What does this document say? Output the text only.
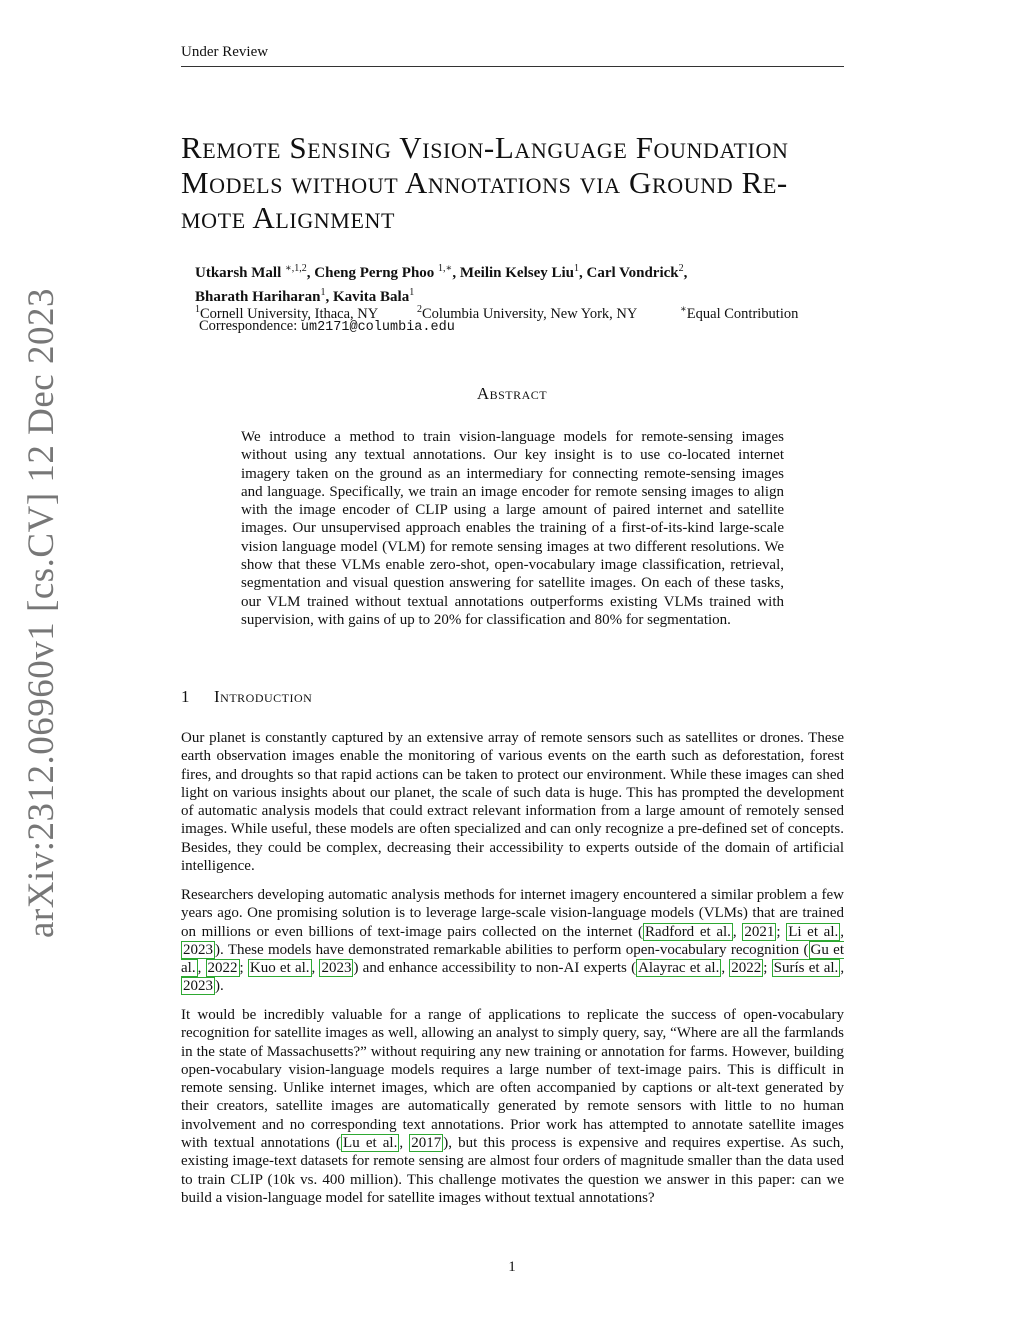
Under Review
arXiv:2312.06960v1 [cs.CV] 12 Dec 2023
Remote Sensing Vision-Language Foundation Models without Annotations via Ground Re-mote Alignment
Utkarsh Mall $^{∗,1,2}$, Cheng Perng Phoo $^{1,∗}$, Meilin Kelsey Liu$^1$, Carl Vondrick$^2$,
Bharath Hariharan$^1$, Kavita Bala$^1$
$^1$Cornell University, Ithaca, NY	$^2$Columbia University, New York, NY	∗Equal Contribution
Correspondence: um2171@columbia.edu
Abstract

We introduce a method to train vision-language models for remote-sensing images without using any textual annotations. Our key insight is to use co-located internet imagery taken on the ground as an intermediary for connecting remote-sensing images and language. Specifically, we train an image encoder for remote sensing images to align with the image encoder of CLIP using a large amount of paired internet and satellite images. Our unsupervised approach enables the training of a first-of-its-kind large-scale vision language model (VLM) for remote sensing images at two different resolutions. We show that these VLMs enable zero-shot, open-vocabulary image classification, retrieval, segmentation and visual question answering for satellite images. On each of these tasks, our VLM trained without textual annotations outperforms existing VLMs trained with supervision, with gains of up to 20% for classification and 80% for segmentation.

1 Introduction

Our planet is constantly captured by an extensive array of remote sensors such as satellites or drones. These earth observation images enable the monitoring of various events on the earth such as deforestation, forest fires, and droughts so that rapid actions can be taken to protect our environment. While these images can shed light on various insights about our planet, the scale of such data is huge. This has prompted the development of automatic analysis models that could extract relevant information from a large amount of remotely sensed images. While useful, these models are often specialized and can only recognize a pre-defined set of concepts. Besides, they could be complex, decreasing their accessibility to experts outside of the domain of artificial intelligence.

Researchers developing automatic analysis methods for internet imagery encountered a similar problem a few years ago. One promising solution is to leverage large-scale vision-language models (VLMs) that are trained on millions or even billions of text-image pairs collected on the internet ( Radford et al. , 2021 ; Li et al. , 2023 ). These models have demonstrated remarkable abilities to perform open-vocabulary recognition ( Gu et al. , 2022 ; Kuo et al. , 2023 ) and enhance accessibility to non-AI experts ( Alayrac et al. , 2022 ; Surís et al. , 2023 ).

It would be incredibly valuable for a range of applications to replicate the success of open-vocabulary recognition for satellite images as well, allowing an analyst to simply query, say, “Where are all the farmlands in the state of Massachusetts?” without requiring any new training or annotation for farms. However, building open-vocabulary vision-language models requires a large number of text-image pairs. This is difficult in remote sensing. Unlike internet images, which are often accompanied by captions or alt-text generated by their creators, satellite images are automatically generated by remote sensors with little to no human involvement and no corresponding text annotations. Prior work has attempted to annotate satellite images with textual annotations ( Lu et al. , 2017 ), but this process is expensive and requires expertise. As such, existing image-text datasets for remote sensing are almost four orders of magnitude smaller than the data used to train CLIP (10k vs. 400 million). This challenge motivates the question we answer in this paper: can we build a vision-language model for satellite images without textual annotations?

1
